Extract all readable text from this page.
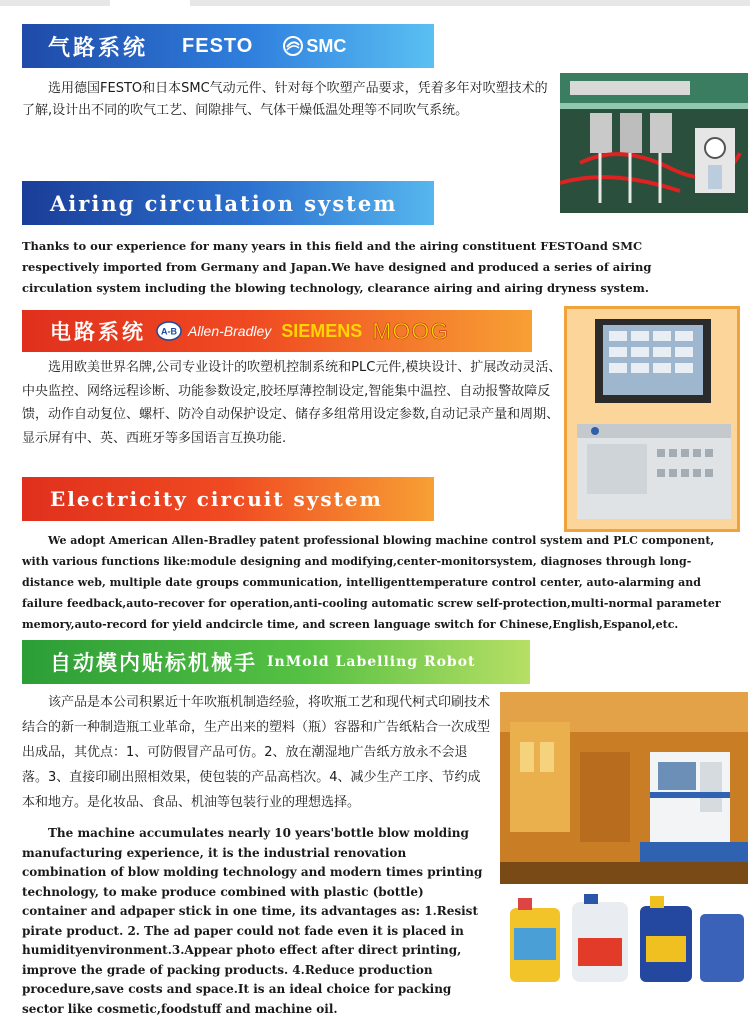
气路系统 FESTO	SMC

选用德国FESTO和日本SMC气动元件、针对每个吹塑产品要求，凭着多年对吹塑技术的了解,设计出不同的吹气工艺、间隙排气、气体干燥低温处理等不同吹气系统。

Airing circulation system

Thanks to our experience for many years in this field and the airing constituent FESTOand SMC respectively imported from Germany and Japan.We have designed and produced a series of airing circulation system including the blowing technology, clearance airing and airing dryness system.

电路系统 A-B Allen-Bradley SIEMENS MOOG

选用欧美世界名牌,公司专业设计的吹塑机控制系统和PLC元件,模块设计、扩展改动灵活、中央监控、网络远程诊断、功能参数设定,胶坯厚薄控制设定,智能集中温控、自动报警故障反馈，动作自动复位、螺杆、防冷自动保护设定、储存多组常用设定参数,自动记录产量和周期、显示屏有中、英、西班牙等多国语言互换功能.

Electricity circuit system

We adopt American Allen-Bradley patent professional blowing machine control system and PLC component, with various functions like:module designing and modifying,center-monitorsystem, diagnoses through long-distance web, multiple date groups communication, intelligenttemperature control center, auto-alarming and failure feedback,auto-recover for operation,anti-cooling automatic screw self-protection,multi-normal parameter memory,auto-record for yield andcircle time, and screen language switch for Chinese,English,Espanol,etc.

自动模内贴标机械手 InMold Labelling Robot

该产品是本公司积累近十年吹瓶机制造经验，将吹瓶工艺和现代柯式印刷技术结合的新一种制造瓶工业革命，生产出来的塑料（瓶）容器和广告纸粘合一次成型出成品，其优点：1、可防假冒产品可仿。2、放在潮湿地广告纸方放永不会退落。3、直接印刷出照相效果，使包装的产品高档次。4、减少生产工序、节约成本和地方。是化妆品、食品、机油等包装行业的理想选择。

The machine accumulates nearly 10 years'bottle blow molding manufacturing experience, it is the industrial renovation combination of blow molding technology and modern times printing technology, to make produce combined with plastic (bottle) container and adpaper stick in one time, its advantages as: 1.Resist pirate product. 2. The ad paper could not fade even it is placed in humidityenvironment.3.Appear photo effect after direct printing, improve the grade of packing products. 4.Reduce production procedure,save costs and space.It is an ideal choice for packing sector like cosmetic,foodstuff and machine oil.
